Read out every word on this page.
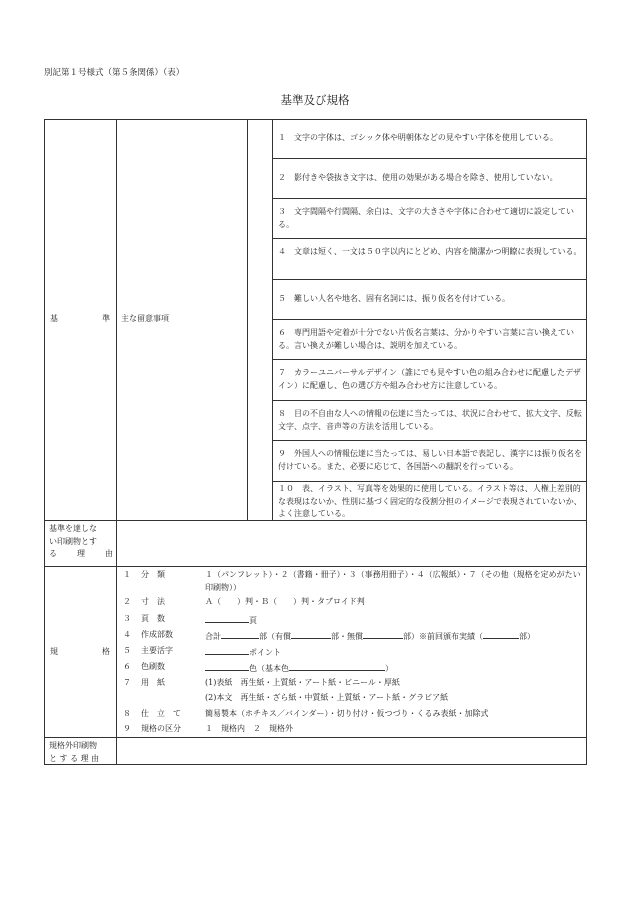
別記第１号様式（第５条関係）（表）
基準及び規格
基	準 主な留意事項
１　文字の字体は、ゴシック体や明朝体などの見やすい字体を使用している。
２　影付きや袋抜き文字は、使用の効果がある場合を除き、使用していない。
３　文字間隔や行間隔、余白は、文字の大きさや字体に合わせて適切に設定している。
４　文章は短く、一文は５０字以内にとどめ、内容を簡潔かつ明瞭に表現している。
５　難しい人名や地名、固有名詞には、振り仮名を付けている。
６　専門用語や定着が十分でない片仮名言葉は、分かりやすい言葉に言い換えている。言い換えが難しい場合は、説明を加えている。
７　カラーユニバーサルデザイン（誰にでも見やすい色の組み合わせに配慮したデザイン）に配慮し、色の選び方や組み合わせ方に注意している。
８　目の不自由な人への情報の伝達に当たっては、状況に合わせて、拡大文字、反転文字、点字、音声等の方法を活用している。
９　外国人への情報伝達に当たっては、易しい日本語で表記し、漢字には振り仮名を付けている。また、必要に応じて、各国語への翻訳を行っている。
１０　表、イラスト、写真等を効果的に使用している。イラスト等は、人権上差別的な表現はないか、性別に基づく固定的な役割分担のイメージで表現されていないか、よく注意している。
基準を達しな
い印刷物とす
る	理	由
規	格
１ 分　類	１（パンフレット）・２（書籍・冊子）・３（事務用冊子）・４（広報紙）・７（その他（規格を定めがたい印刷物））
２ 寸　法	Ａ（　　）判・Ｂ（　　）判・タブロイド判
３ 頁　数	頁
４ 作成部数	合計	部（有償	部・無償	部）※前回頒布実績（	部）
５ 主要活字	ポイント
６ 色刷数	色（基本色	）
７ 用　紙	(1)表紙　再生紙・上質紙・アート紙・ビニール・厚紙
(2)本文　再生紙・ざら紙・中質紙・上質紙・アート紙・グラビア紙
８ 仕　立　て	簡易製本（ホチキス／バインダー）・切り付け・仮つづり・くるみ表紙・加除式
９ 規格の区分	１　規格内　２　規格外
規格外印刷物
と す る 理 由
